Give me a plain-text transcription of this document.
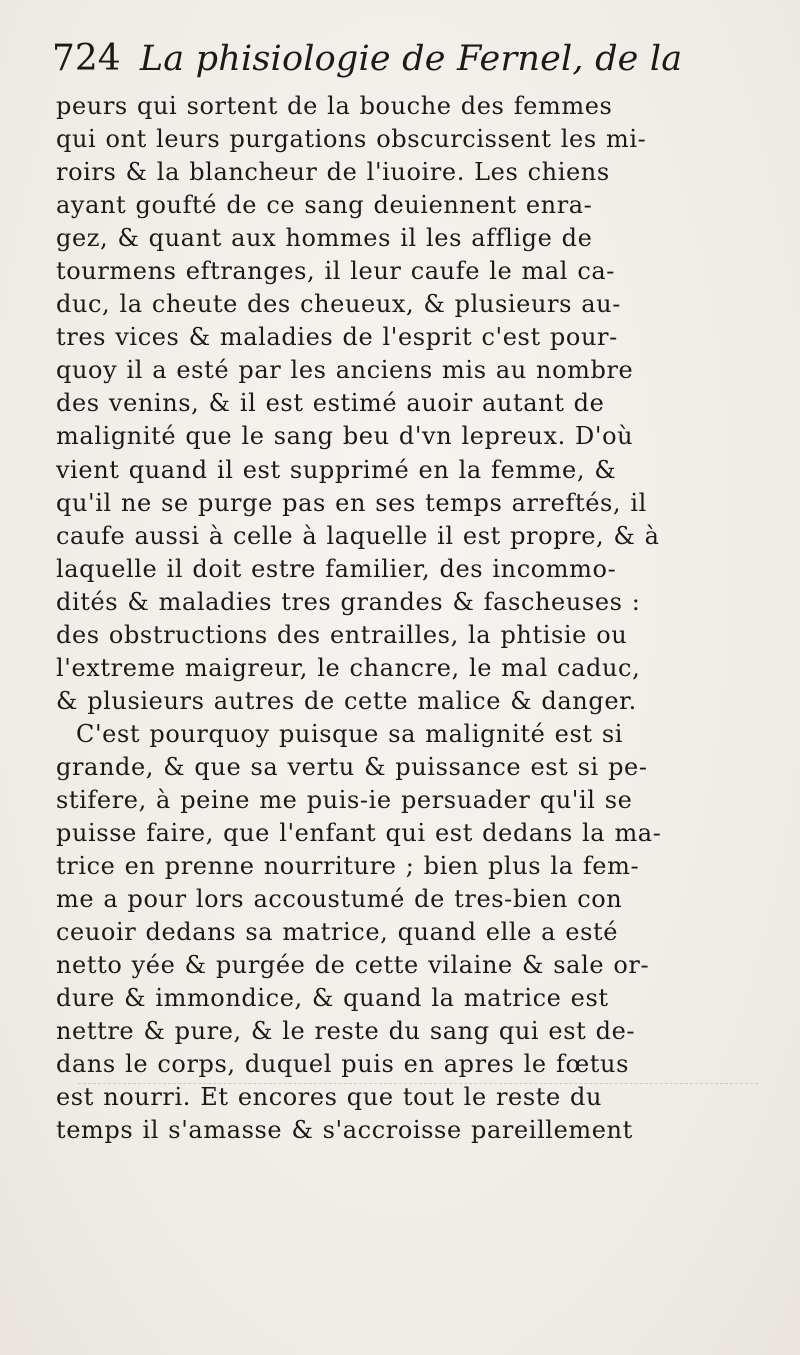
724 La phisiologie de Fernel, de la
peurs qui sortent de la bouche des femmes
qui ont leurs purgations obscurcissent les mi-
roirs & la blancheur de l'iuoire. Les chiens
ayant goufté de ce sang deuiennent enra-
gez, & quant aux hommes il les afflige de
tourmens eftranges, il leur caufe le mal ca-
duc, la cheute des cheueux, & plusieurs au-
tres vices & maladies de l'esprit c'est pour-
quoy il a esté par les anciens mis au nombre
des venins, & il est estimé auoir autant de
malignité que le sang beu d'vn lepreux. D'où
vient quand il est supprimé en la femme, &
qu'il ne se purge pas en ses temps arreftés, il
caufe aussi à celle à laquelle il est propre, & à
laquelle il doit estre familier, des incommo-
dités & maladies tres grandes & fascheuses :
des obstructions des entrailles, la phtisie ou
l'extreme maigreur, le chancre, le mal caduc,
& plusieurs autres de cette malice & danger.
C'est pourquoy puisque sa malignité est si
grande, & que sa vertu & puissance est si pe-
stifere, à peine me puis-ie persuader qu'il se
puisse faire, que l'enfant qui est dedans la ma-
trice en prenne nourriture ; bien plus la fem-
me a pour lors accoustumé de tres-bien con
ceuoir dedans sa matrice, quand elle a esté
netto yée & purgée de cette vilaine & sale or-
dure & immondice, & quand la matrice est
nettre & pure, & le reste du sang qui est de-
dans le corps, duquel puis en apres le fœtus
est nourri. Et encores que tout le reste du
temps il s'amasse & s'accroisse pareillement
